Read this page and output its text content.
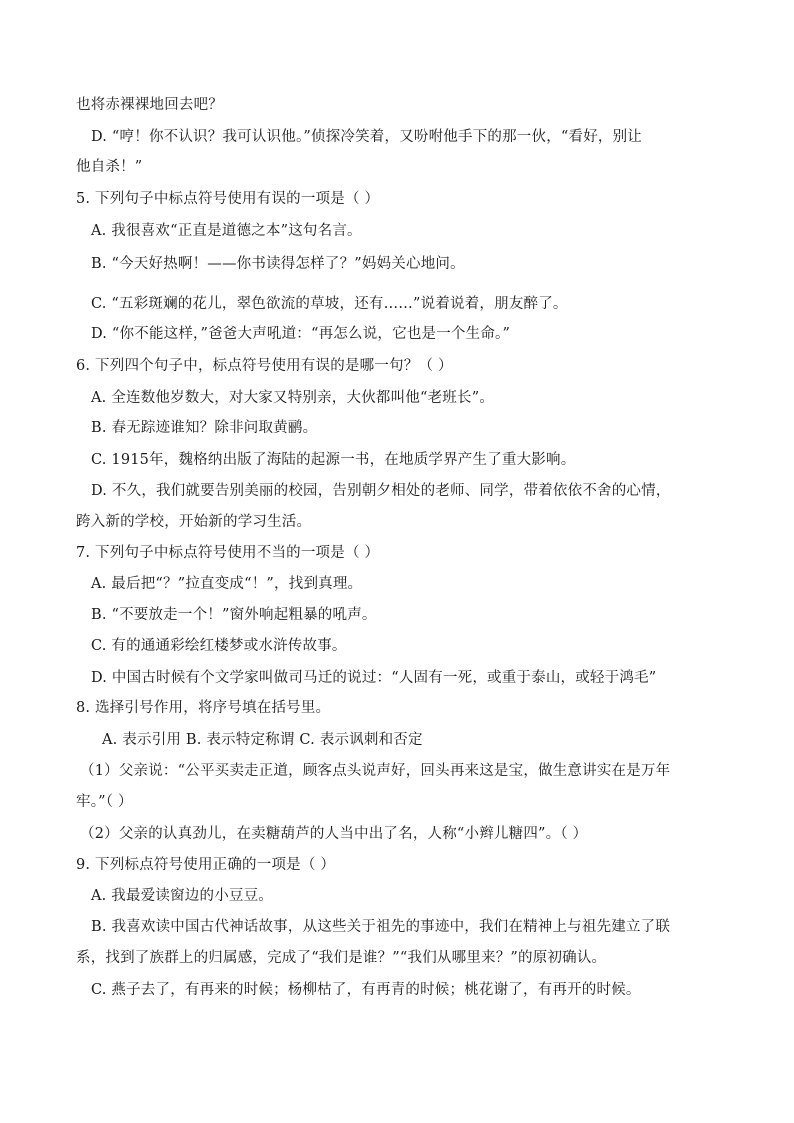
也将赤裸裸地回去吧？
D. “哼！你不认识？我可认识他。”侦探冷笑着，又吩咐他手下的那一伙，“看好，别让
他自杀！”
5. 下列句子中标点符号使用有误的一项是（ ）
A. 我很喜欢“正直是道德之本”这句名言。
B. “今天好热啊！——你书读得怎样了？”妈妈关心地问。
C. “五彩斑斓的花儿，翠色欲流的草坡，还有……”说着说着，朋友醉了。
D. “你不能这样，”爸爸大声吼道：“再怎么说，它也是一个生命。”
6. 下列四个句子中，标点符号使用有误的是哪一句？（ ）
A. 全连数他岁数大，对大家又特别亲，大伙都叫他“老班长”。
B. 春无踪迹谁知？除非问取黄鹂。
C. 1915年，魏格纳出版了海陆的起源一书，在地质学界产生了重大影响。
D. 不久，我们就要告别美丽的校园，告别朝夕相处的老师、同学，带着依依不舍的心情，
跨入新的学校，开始新的学习生活。
7. 下列句子中标点符号使用不当的一项是（ ）
A. 最后把“？”拉直变成“！”，找到真理。
B. “不要放走一个！”窗外响起粗暴的吼声。
C. 有的通通彩绘红楼梦或水浒传故事。
D. 中国古时候有个文学家叫做司马迁的说过：“人固有一死，或重于泰山，或轻于鸿毛”
8. 选择引号作用，将序号填在括号里。
A. 表示引用 B. 表示特定称谓 C. 表示讽刺和否定
（1）父亲说：“公平买卖走正道，顾客点头说声好，回头再来这是宝，做生意讲实在是万年
牢。”（ ）
（2）父亲的认真劲儿，在卖糖葫芦的人当中出了名，人称“小辫儿糖四”。（ ）
9. 下列标点符号使用正确的一项是（ ）
A. 我最爱读窗边的小豆豆。
B. 我喜欢读中国古代神话故事，从这些关于祖先的事迹中，我们在精神上与祖先建立了联
系，找到了族群上的归属感，完成了“我们是谁？”“我们从哪里来？”的原初确认。
C. 燕子去了，有再来的时候；杨柳枯了，有再青的时候；桃花谢了，有再开的时候。
